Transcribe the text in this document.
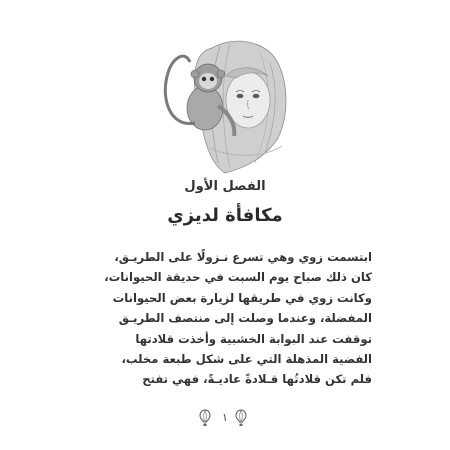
الفصل الأول
مكافأة لديزي
ابتسمت زوي وهي تسرع نـزولًا على الطريـق،
كان ذلك صباح يوم السبت في حديقة الحيوانات،
وكانت زوي في طريقها لزيارة بعض الحيوانات
المفضلة، وعندما وصلت إلى منتصف الطريـق
توقفت عند البوابة الخشبية وأخذت قلادتها
الفضية المذهلة التي على شكل طبعة مخلب،
فلم تكن قلادتُها قـلادةً عاديـةً، فهي تفتح
١
